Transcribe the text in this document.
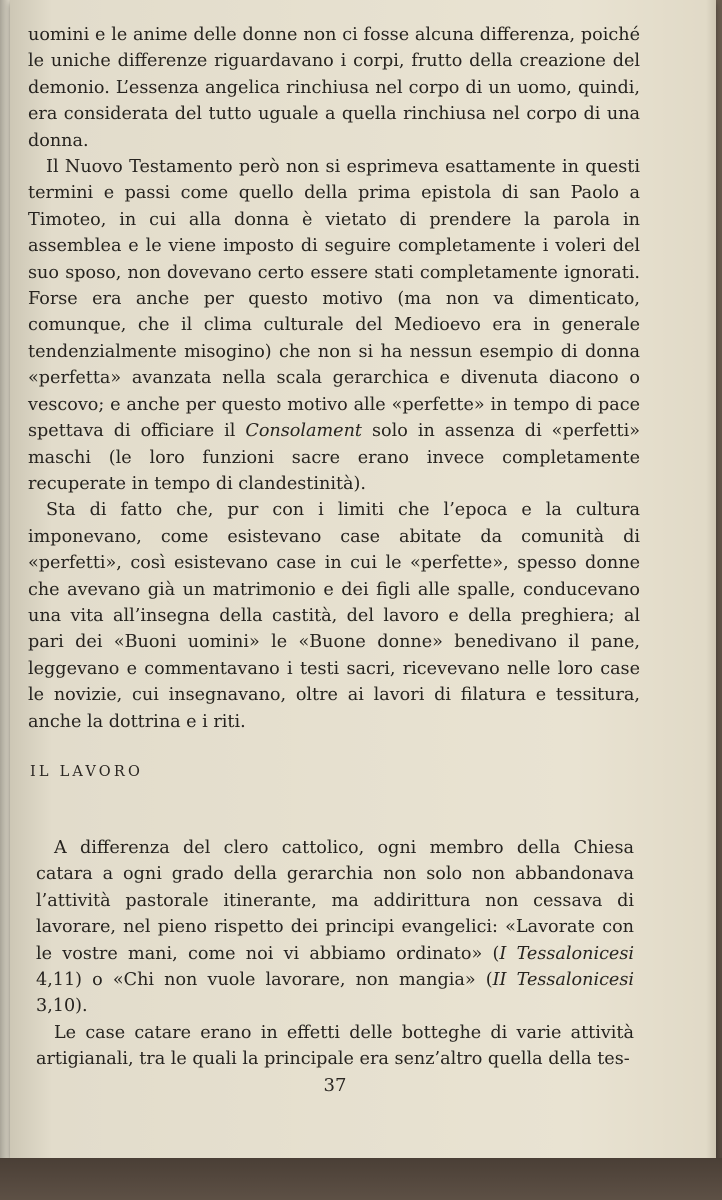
uomini e le anime delle donne non ci fosse alcuna differenza, poiché le uniche differenze riguardavano i corpi, frutto della creazione del demonio. L’essenza angelica rinchiusa nel corpo di un uomo, quindi, era considerata del tutto uguale a quella rinchiusa nel corpo di una donna.

Il Nuovo Testamento però non si esprimeva esattamente in questi termini e passi come quello della prima epistola di san Paolo a Timoteo, in cui alla donna è vietato di prendere la parola in assemblea e le viene imposto di seguire completamente i voleri del suo sposo, non dovevano certo essere stati completamente ignorati. Forse era anche per questo motivo (ma non va dimenticato, comunque, che il clima culturale del Medioevo era in generale tendenzialmente misogino) che non si ha nessun esempio di donna «perfetta» avanzata nella scala gerarchica e divenuta diacono o vescovo; e anche per questo motivo alle «perfette» in tempo di pace spettava di officiare il Consolament solo in assenza di «perfetti» maschi (le loro funzioni sacre erano invece completamente recuperate in tempo di clandestinità).

Sta di fatto che, pur con i limiti che l’epoca e la cultura imponevano, come esistevano case abitate da comunità di «perfetti», così esistevano case in cui le «perfette», spesso donne che avevano già un matrimonio e dei figli alle spalle, conducevano una vita all’insegna della castità, del lavoro e della preghiera; al pari dei «Buoni uomini» le «Buone donne» benedivano il pane, leggevano e commentavano i testi sacri, ricevevano nelle loro case le novizie, cui insegnavano, oltre ai lavori di filatura e tessitura, anche la dottrina e i riti.

IL LAVORO

A differenza del clero cattolico, ogni membro della Chiesa catara a ogni grado della gerarchia non solo non abbandonava l’attività pastorale itinerante, ma addirittura non cessava di lavorare, nel pieno rispetto dei principi evangelici: «Lavorate con le vostre mani, come noi vi abbiamo ordinato» (I Tessalonicesi 4,11) o «Chi non vuole lavorare, non mangia» (II Tessalonicesi 3,10).

Le case catare erano in effetti delle botteghe di varie attività artigianali, tra le quali la principale era senz’altro quella della tes-

37
